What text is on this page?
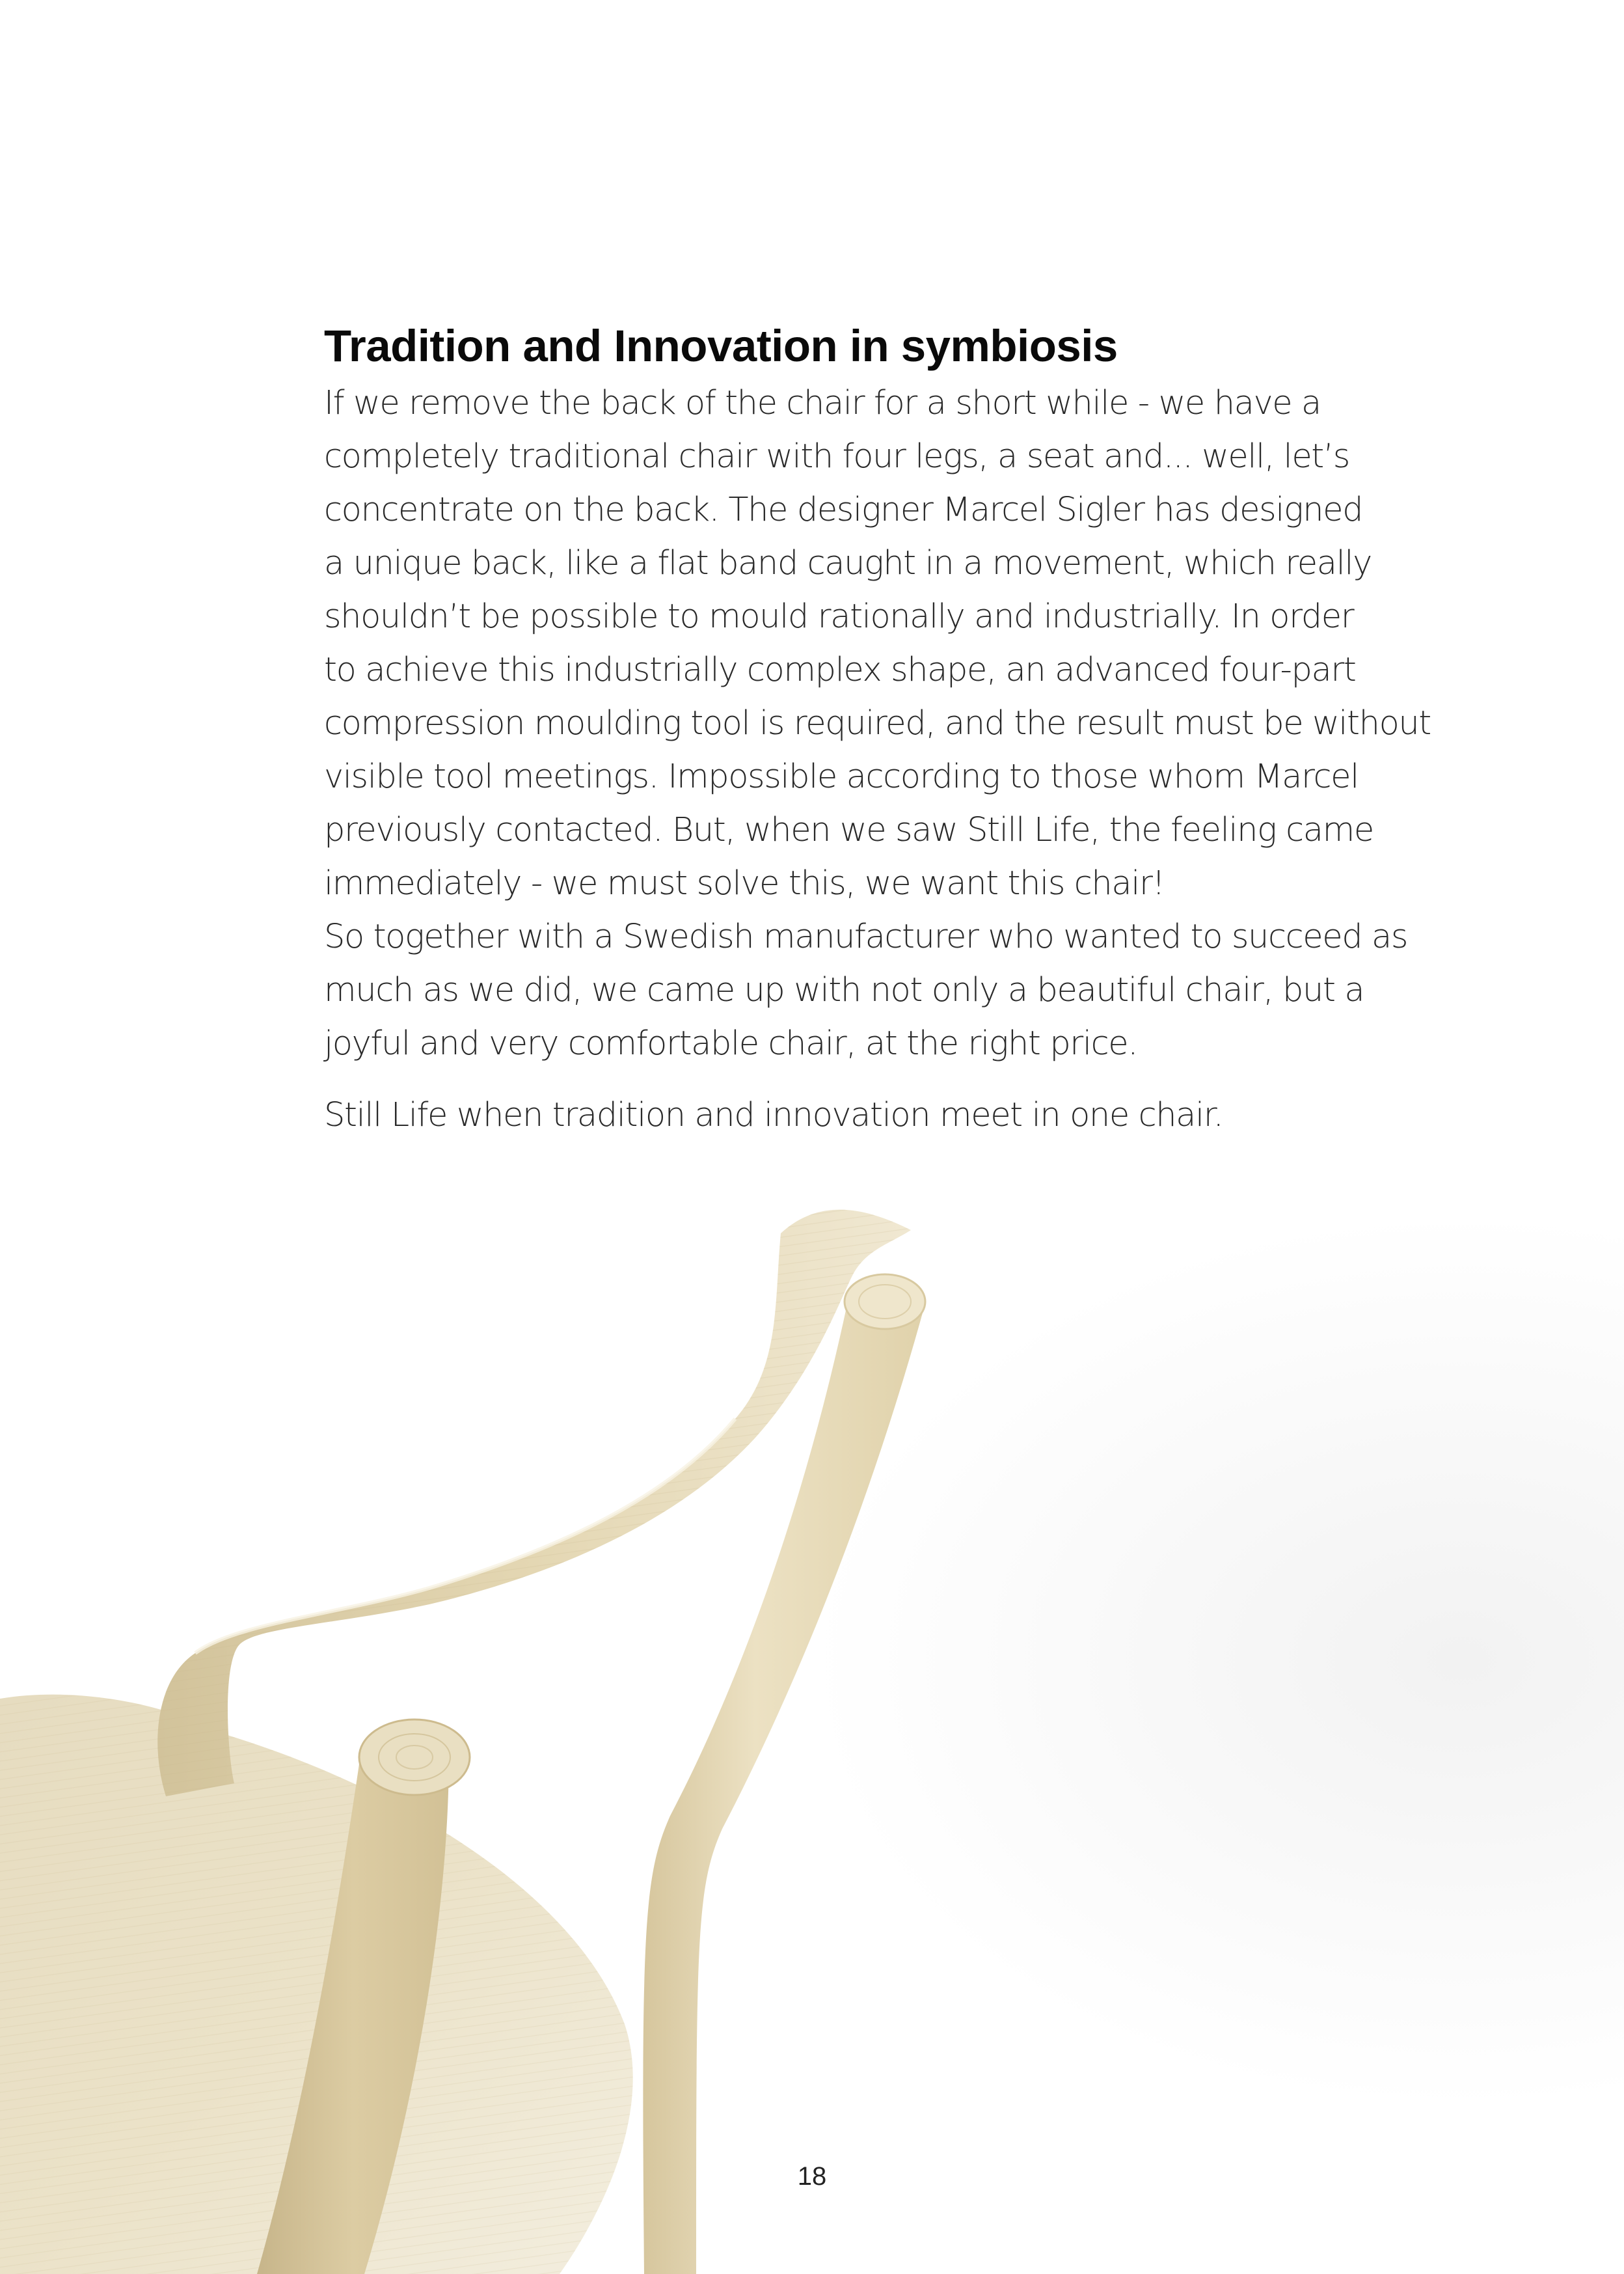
Tradition and Innovation in symbiosis

If we remove the back of the chair for a short while - we have a
completely traditional chair with four legs, a seat and... well, let’s
concentrate on the back. The designer Marcel Sigler has designed
a unique back, like a flat band caught in a movement, which really
shouldn’t be possible to mould rationally and industrially. In order
to achieve this industrially complex shape, an advanced four-part
compression moulding tool is required, and the result must be without
visible tool meetings. Impossible according to those whom Marcel
previously contacted. But, when we saw Still Life, the feeling came
immediately - we must solve this, we want this chair!
So together with a Swedish manufacturer who wanted to succeed as
much as we did, we came up with not only a beautiful chair, but a
joyful and very comfortable chair, at the right price.

Still Life when tradition and innovation meet in one chair.

18
